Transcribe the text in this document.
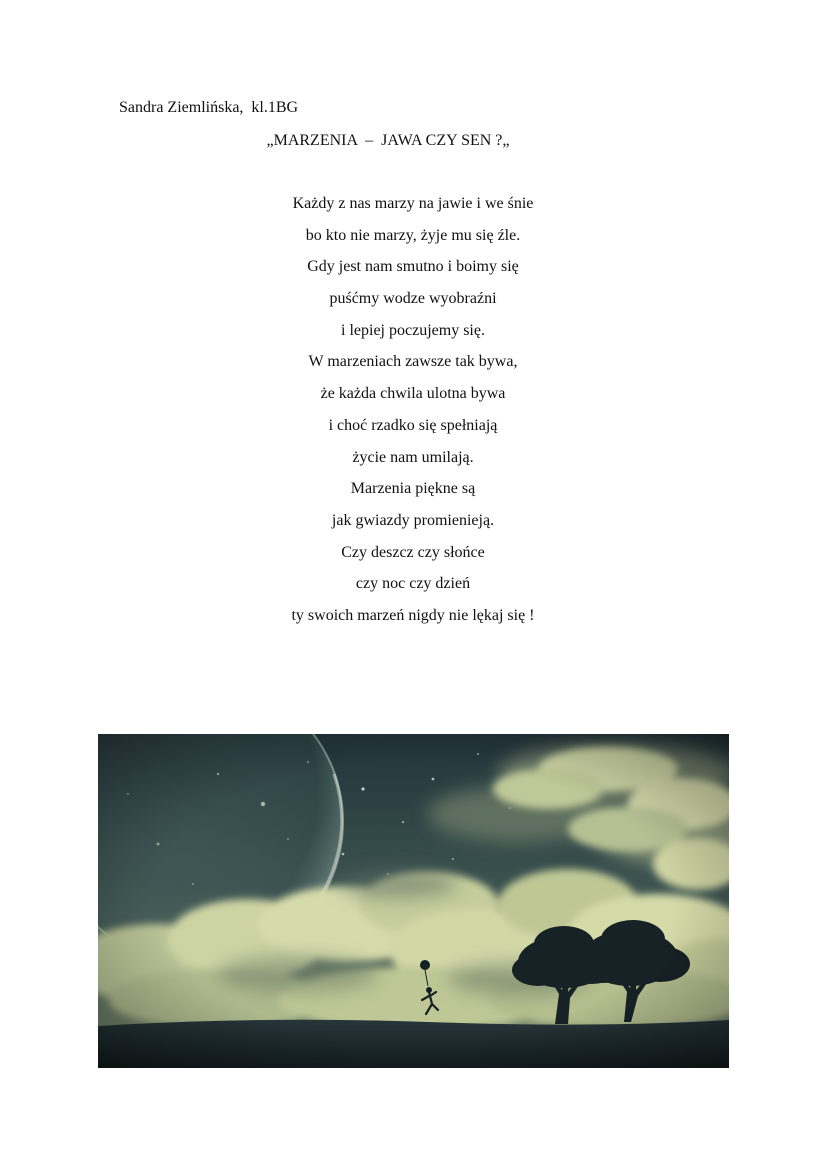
Sandra Ziemlińska,  kl.1BG
„MARZENIA  –  JAWA CZY SEN ?„
Każdy z nas marzy na jawie i we śnie
bo kto nie marzy, żyje mu się źle.
Gdy jest nam smutno i boimy się
puśćmy wodze wyobraźni
i lepiej poczujemy się.
W marzeniach zawsze tak bywa,
że każda chwila ulotna bywa
i choć rzadko się spełniają
życie nam umilają.
Marzenia piękne są
jak gwiazdy promienieją.
Czy deszcz czy słońce
czy noc czy dzień
ty swoich marzeń nigdy nie lękaj się !
